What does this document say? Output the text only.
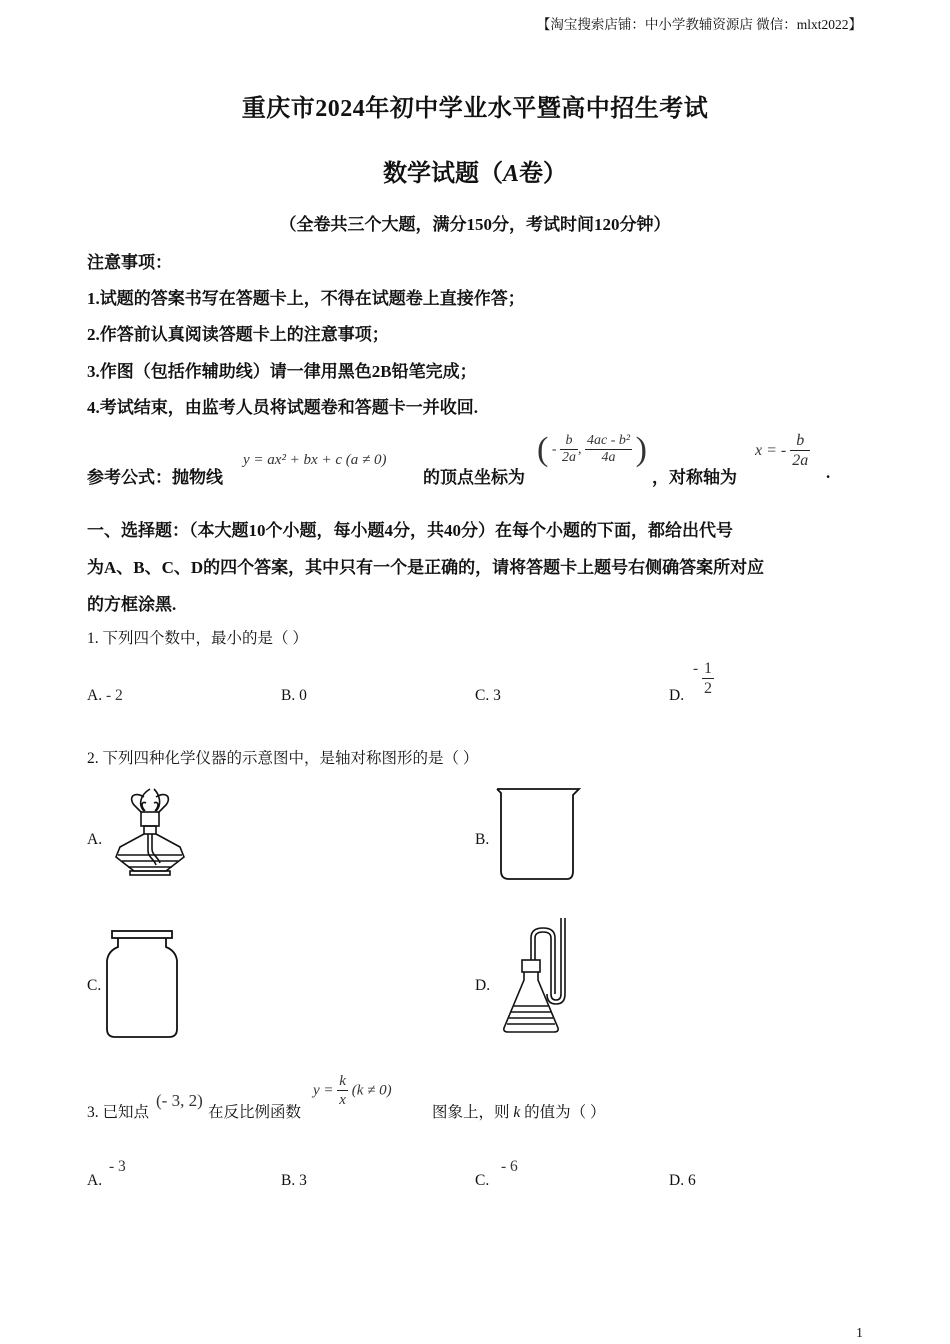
【淘宝搜索店铺：中小学教辅资源店 微信：mlxt2022】
重庆市2024年初中学业水平暨高中招生考试
数学试题（A卷）
（全卷共三个大题，满分150分，考试时间120分钟）
注意事项：
1.试题的答案书写在答题卡上，不得在试题卷上直接作答；
2.作答前认真阅读答题卡上的注意事项；
3.作图（包括作辅助线）请一律用黑色2B铅笔完成；
4.考试结束，由监考人员将试题卷和答题卡一并收回.
参考公式：抛物线
y = ax² + bx + c (a ≠ 0)
的顶点坐标为
( - $\frac{b}{2a}$ , $\frac{\text{4ac - b²}}{4a}$ )
，对称轴为
x = - $\frac{b}{2a}$
.
一、选择题：（本大题10个小题，每小题4分，共40分）在每个小题的下面，都给出代号
为A、B、C、D的四个答案，其中只有一个是正确的，请将答题卡上题号右侧确答案所对应
的方框涂黑.
1. 下列四个数中，最小的是（ ）
A. - 2	B. 0	C. 3	D.
- $\frac{1}{2}$
2. 下列四种化学仪器的示意图中，是轴对称图形的是（ ）
A.	B.
C.	D.
3. 已知点
(- 3, 2)
在反比例函数
$y = \frac{k}{x} (k \ne 0)$
图象上，则 k 的值为（ ）
A.
- 3
B. 3	C.
- 6
D. 6
1
